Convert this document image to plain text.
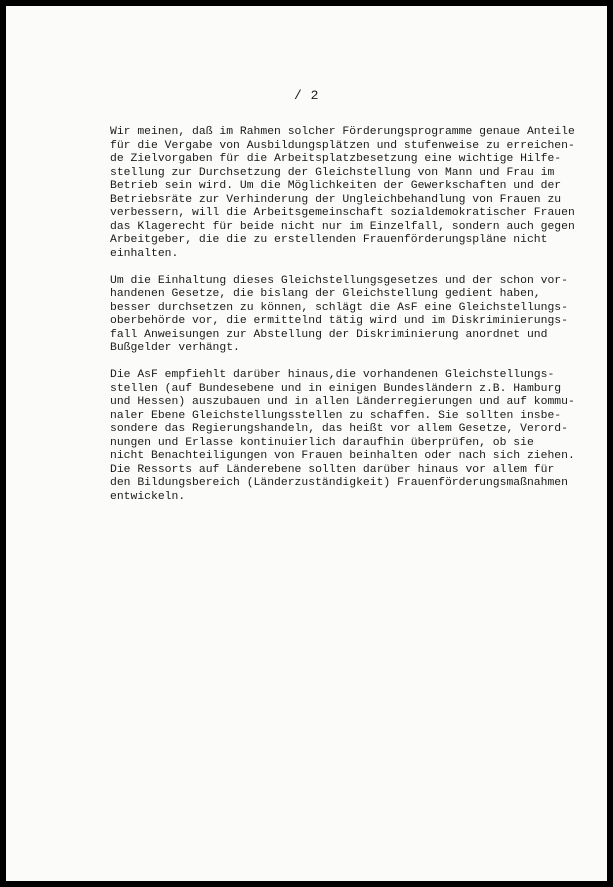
/ 2

Wir meinen, daß im Rahmen solcher Förderungsprogramme genaue Anteile
für die Vergabe von Ausbildungsplätzen und stufenweise zu erreichen-
de Zielvorgaben für die Arbeitsplatzbesetzung eine wichtige Hilfe-
stellung zur Durchsetzung der Gleichstellung von Mann und Frau im
Betrieb sein wird. Um die Möglichkeiten der Gewerkschaften und der
Betriebsräte zur Verhinderung der Ungleichbehandlung von Frauen zu
verbessern, will die Arbeitsgemeinschaft sozialdemokratischer Frauen
das Klagerecht für beide nicht nur im Einzelfall, sondern auch gegen
Arbeitgeber, die die zu erstellenden Frauenförderungspläne nicht
einhalten.

Um die Einhaltung dieses Gleichstellungsgesetzes und der schon vor-
handenen Gesetze, die bislang der Gleichstellung gedient haben,
besser durchsetzen zu können, schlägt die AsF eine Gleichstellungs-
oberbehörde vor, die ermittelnd tätig wird und im Diskriminierungs-
fall Anweisungen zur Abstellung der Diskriminierung anordnet und
Bußgelder verhängt.

Die AsF empfiehlt darüber hinaus,die vorhandenen Gleichstellungs-
stellen (auf Bundesebene und in einigen Bundesländern z.B. Hamburg
und Hessen) auszubauen und in allen Länderregierungen und auf kommu-
naler Ebene Gleichstellungsstellen zu schaffen. Sie sollten insbe-
sondere das Regierungshandeln, das heißt vor allem Gesetze, Verord-
nungen und Erlasse kontinuierlich daraufhin überprüfen, ob sie
nicht Benachteiligungen von Frauen beinhalten oder nach sich ziehen.
Die Ressorts auf Länderebene sollten darüber hinaus vor allem für
den Bildungsbereich (Länderzuständigkeit) Frauenförderungsmaßnahmen
entwickeln.
